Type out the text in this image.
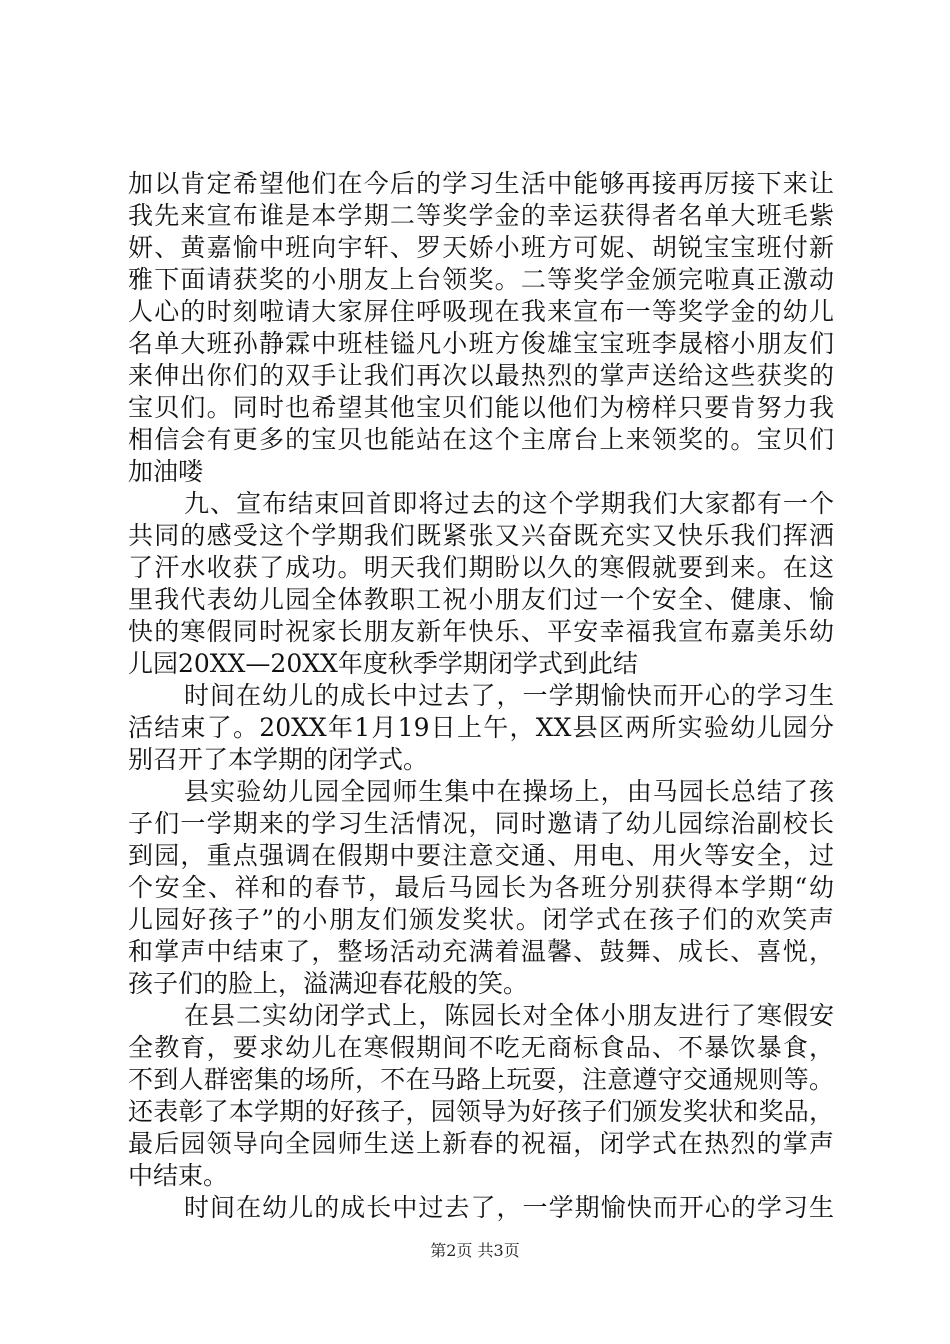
加以肯定希望他们在今后的学习生活中能够再接再厉接下来让
我先来宣布谁是本学期二等奖学金的幸运获得者名单大班毛紫
妍、黄嘉愉中班向宇轩、罗天娇小班方可妮、胡锐宝宝班付新
雅下面请获奖的小朋友上台领奖。二等奖学金颁完啦真正激动
人心的时刻啦请大家屏住呼吸现在我来宣布一等奖学金的幼儿
名单大班孙静霖中班桂镒凡小班方俊雄宝宝班李晟榕小朋友们
来伸出你们的双手让我们再次以最热烈的掌声送给这些获奖的
宝贝们。同时也希望其他宝贝们能以他们为榜样只要肯努力我
相信会有更多的宝贝也能站在这个主席台上来领奖的。宝贝们
加油喽
九、宣布结束回首即将过去的这个学期我们大家都有一个
共同的感受这个学期我们既紧张又兴奋既充实又快乐我们挥洒
了汗水收获了成功。明天我们期盼以久的寒假就要到来。在这
里我代表幼儿园全体教职工祝小朋友们过一个安全、健康、愉
快的寒假同时祝家长朋友新年快乐、平安幸福我宣布嘉美乐幼
儿园20XX—20XX年度秋季学期闭学式到此结
时间在幼儿的成长中过去了，一学期愉快而开心的学习生
活结束了。20XX年1月19日上午，XX县区两所实验幼儿园分
别召开了本学期的闭学式。
县实验幼儿园全园师生集中在操场上，由马园长总结了孩
子们一学期来的学习生活情况，同时邀请了幼儿园综治副校长
到园，重点强调在假期中要注意交通、用电、用火等安全，过
个安全、祥和的春节，最后马园长为各班分别获得本学期“幼
儿园好孩子”的小朋友们颁发奖状。闭学式在孩子们的欢笑声
和掌声中结束了，整场活动充满着温馨、鼓舞、成长、喜悦，
孩子们的脸上，溢满迎春花般的笑。
在县二实幼闭学式上，陈园长对全体小朋友进行了寒假安
全教育，要求幼儿在寒假期间不吃无商标食品、不暴饮暴食，
不到人群密集的场所，不在马路上玩耍，注意遵守交通规则等。
还表彰了本学期的好孩子，园领导为好孩子们颁发奖状和奖品，
最后园领导向全园师生送上新春的祝福，闭学式在热烈的掌声
中结束。
时间在幼儿的成长中过去了，一学期愉快而开心的学习生
第2页 共3页
